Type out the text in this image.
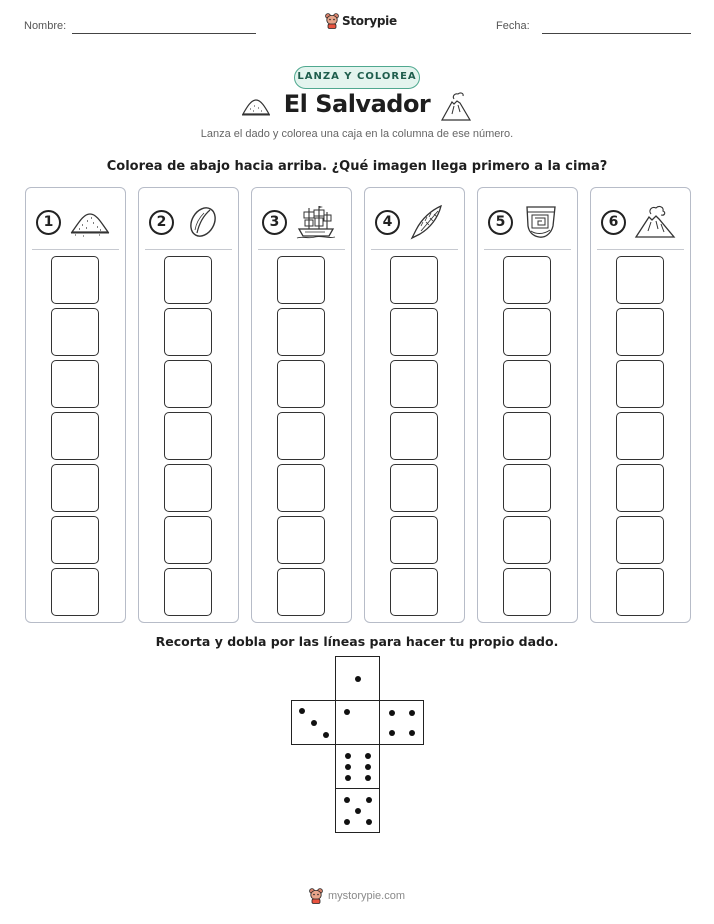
Nombre:	Storypie	Fecha:
LANZA Y COLOREA
El Salvador
Lanza el dado y colorea una caja en la columna de ese número.
Colorea de abajo hacia arriba. ¿Qué imagen llega primero a la cima?
1	2	3	4	5	6
Recorta y dobla por las líneas para hacer tu propio dado.
mystorypie.com
